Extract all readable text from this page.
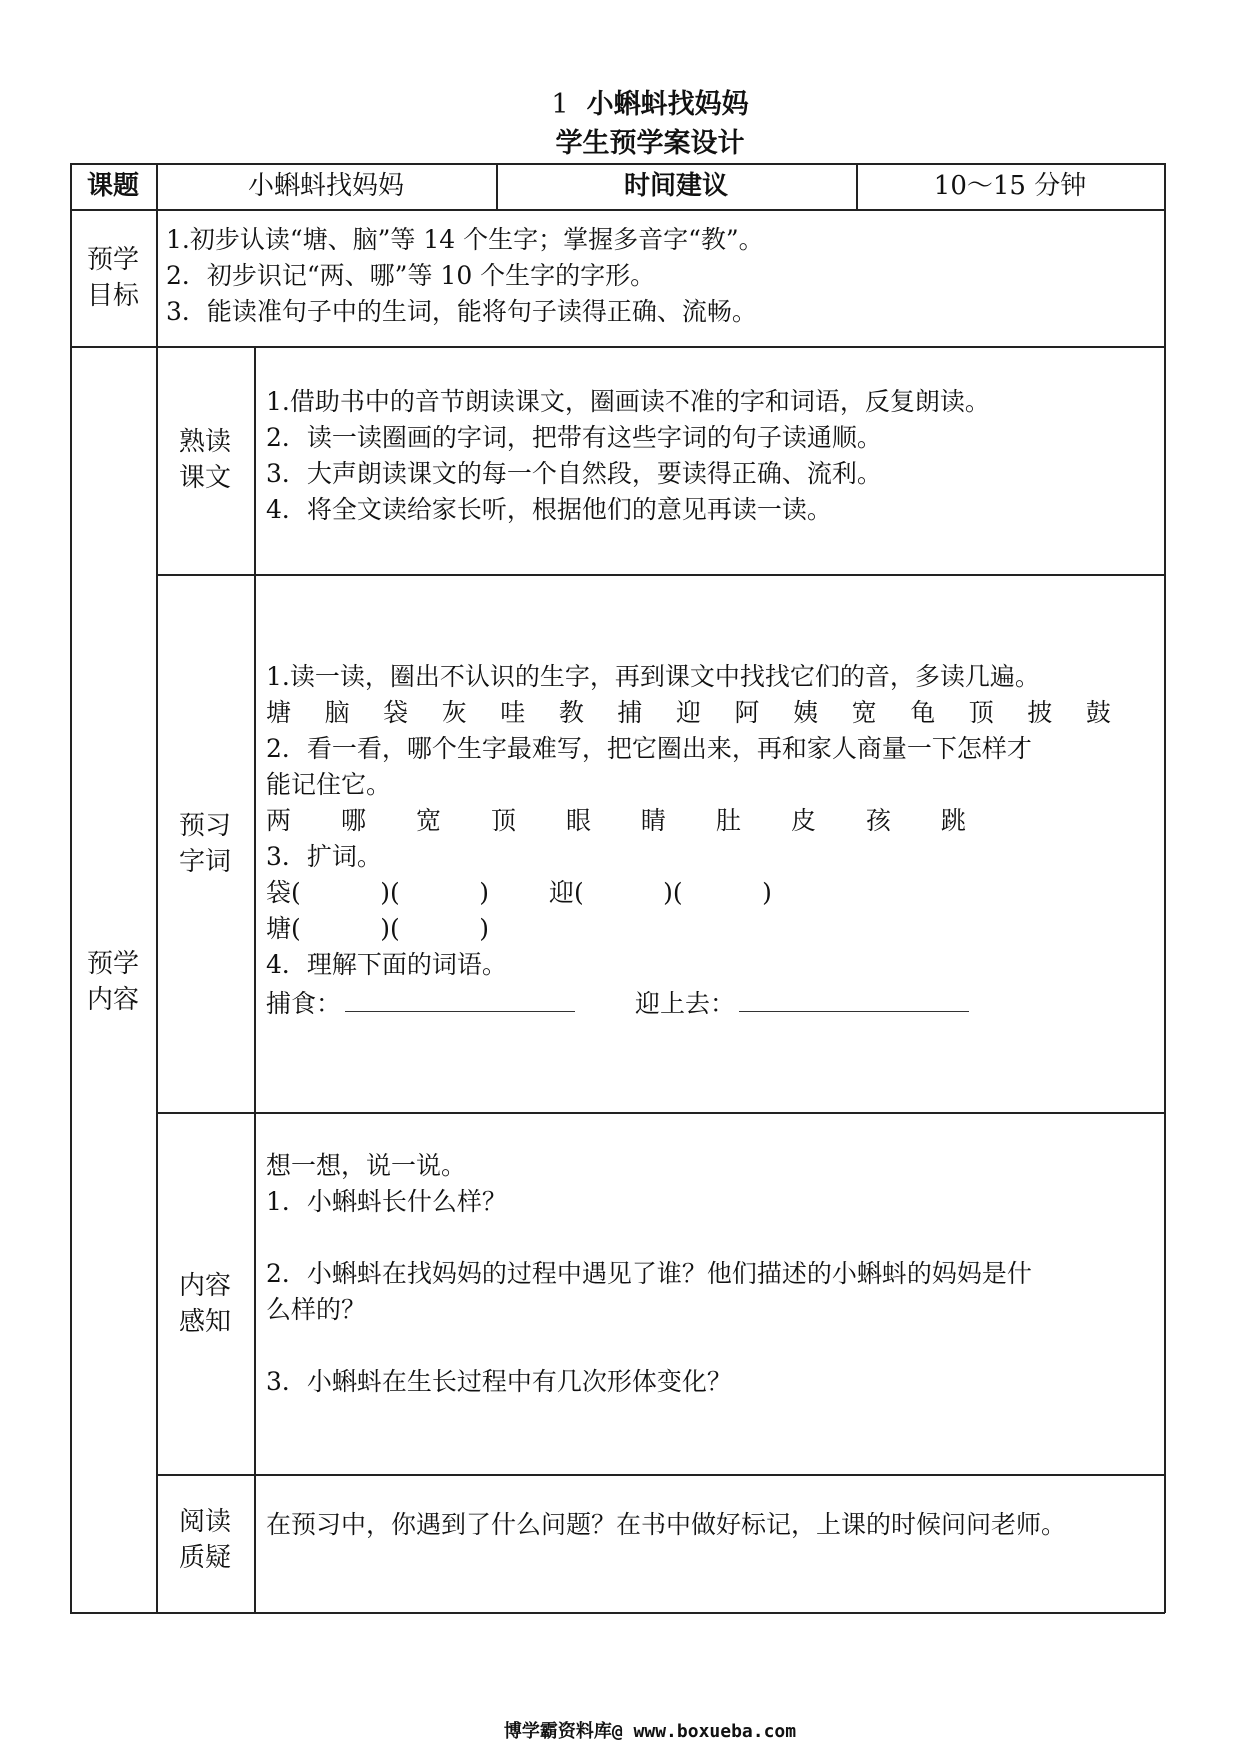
1 小蝌蚪找妈妈
学生预学案设计
课题	小蝌蚪找妈妈	时间建议	10～15 分钟
预学目标
1.初步认读“塘、脑”等 14 个生字；掌握多音字“教”。
2．初步识记“两、哪”等 10 个生字的字形。
3．能读准句子中的生词，能将句子读得正确、流畅。
预学内容
熟读课文
1.借助书中的音节朗读课文，圈画读不准的字和词语，反复朗读。
2．读一读圈画的字词，把带有这些字词的句子读通顺。
3．大声朗读课文的每一个自然段，要读得正确、流利。
4．将全文读给家长听，根据他们的意见再读一读。
预习字词
1.读一读，圈出不认识的生字，再到课文中找找它们的音，多读几遍。
塘 脑 袋 灰 哇 教 捕 迎 阿 姨 宽 龟 顶 披 鼓
2．看一看，哪个生字最难写，把它圈出来，再和家人商量一下怎样才
能记住它。
两 哪 宽 顶 眼 睛 肚 皮 孩 跳
3．扩词。
袋(          )(          ) 迎(          )(          )
塘(          )(          )
4．理解下面的词语。
捕食：	迎上去：
内容感知
想一想，说一说。
1．小蝌蚪长什么样？
2．小蝌蚪在找妈妈的过程中遇见了谁？他们描述的小蝌蚪的妈妈是什
么样的？
3．小蝌蚪在生长过程中有几次形体变化？
阅读质疑
在预习中，你遇到了什么问题？在书中做好标记，上课的时候问问老师。
博学霸资料库@ www.boxueba.com
